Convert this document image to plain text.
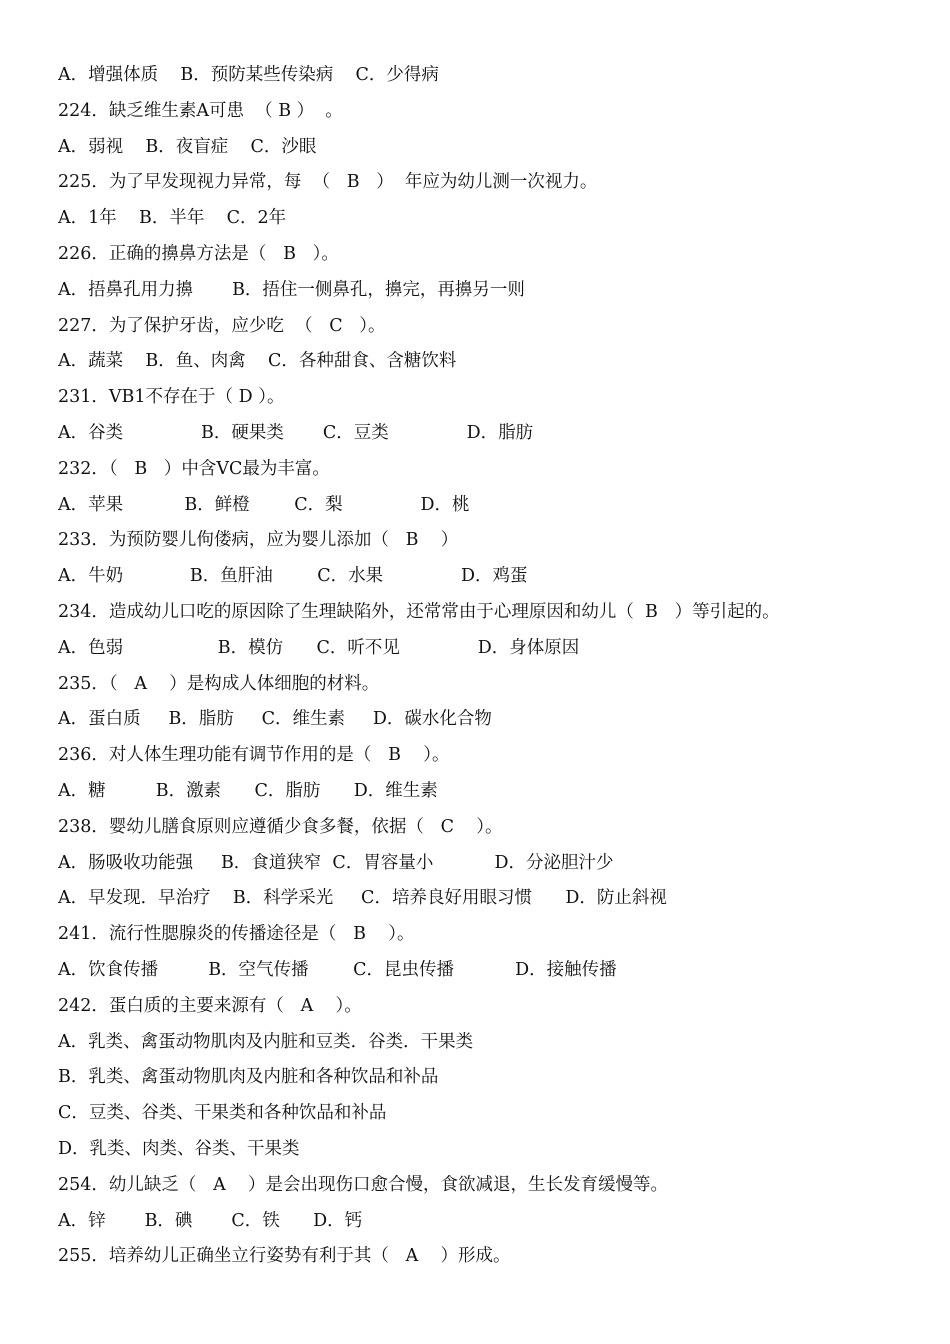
A．增强体质    B．预防某些传染病    C．少得病
224．缺乏维生素A可患  （ B ）  。
A．弱视    B．夜盲症    C．沙眼
225．为了早发现视力异常，每  （   B   ）  年应为幼儿测一次视力。
A．1年    B．半年    C．2年
226．正确的擤鼻方法是（   B   ）。
A．捂鼻孔用力擤       B．捂住一侧鼻孔，擤完，再擤另一则
227．为了保护牙齿，应少吃  （   C   ）。
A．蔬菜    B．鱼、肉禽    C．各种甜食、含糖饮料
231．VB1不存在于（ D ）。
A．谷类              B．硬果类       C．豆类              D．脂肪
232．（   B   ）中含VC最为丰富。
A．苹果           B．鲜橙        C．梨              D．桃
233．为预防婴儿佝偻病，应为婴儿添加（   B    ）
A．牛奶            B．鱼肝油        C．水果              D．鸡蛋
234．造成幼儿口吃的原因除了生理缺陷外，还常常由于心理原因和幼儿（  B   ）等引起的。
A．色弱                 B．模仿      C．听不见              D．身体原因
235．（   A    ）是构成人体细胞的材料。
A．蛋白质     B．脂肪     C．维生素     D．碳水化合物
236．对人体生理功能有调节作用的是（   B    ）。
A．糖         B．激素      C．脂肪      D．维生素
238．婴幼儿膳食原则应遵循少食多餐，依据（   C    ）。
A．肠吸收功能强     B．食道狭窄  C．胃容量小           D．分泌胆汁少
A．早发现．早治疗    B．科学采光     C．培养良好用眼习惯      D．防止斜视
241．流行性腮腺炎的传播途径是（   B    ）。
A．饮食传播         B．空气传播        C．昆虫传播           D．接触传播
242．蛋白质的主要来源有（   A    ）。
A．乳类、禽蛋动物肌肉及内脏和豆类．谷类．干果类
B．乳类、禽蛋动物肌肉及内脏和各种饮品和补品
C．豆类、谷类、干果类和各种饮品和补品
D．乳类、肉类、谷类、干果类
254．幼儿缺乏（   A    ）是会出现伤口愈合慢，食欲减退，生长发育缓慢等。
A．锌       B．碘       C．铁      D．钙
255．培养幼儿正确坐立行姿势有利于其（   A    ）形成。
